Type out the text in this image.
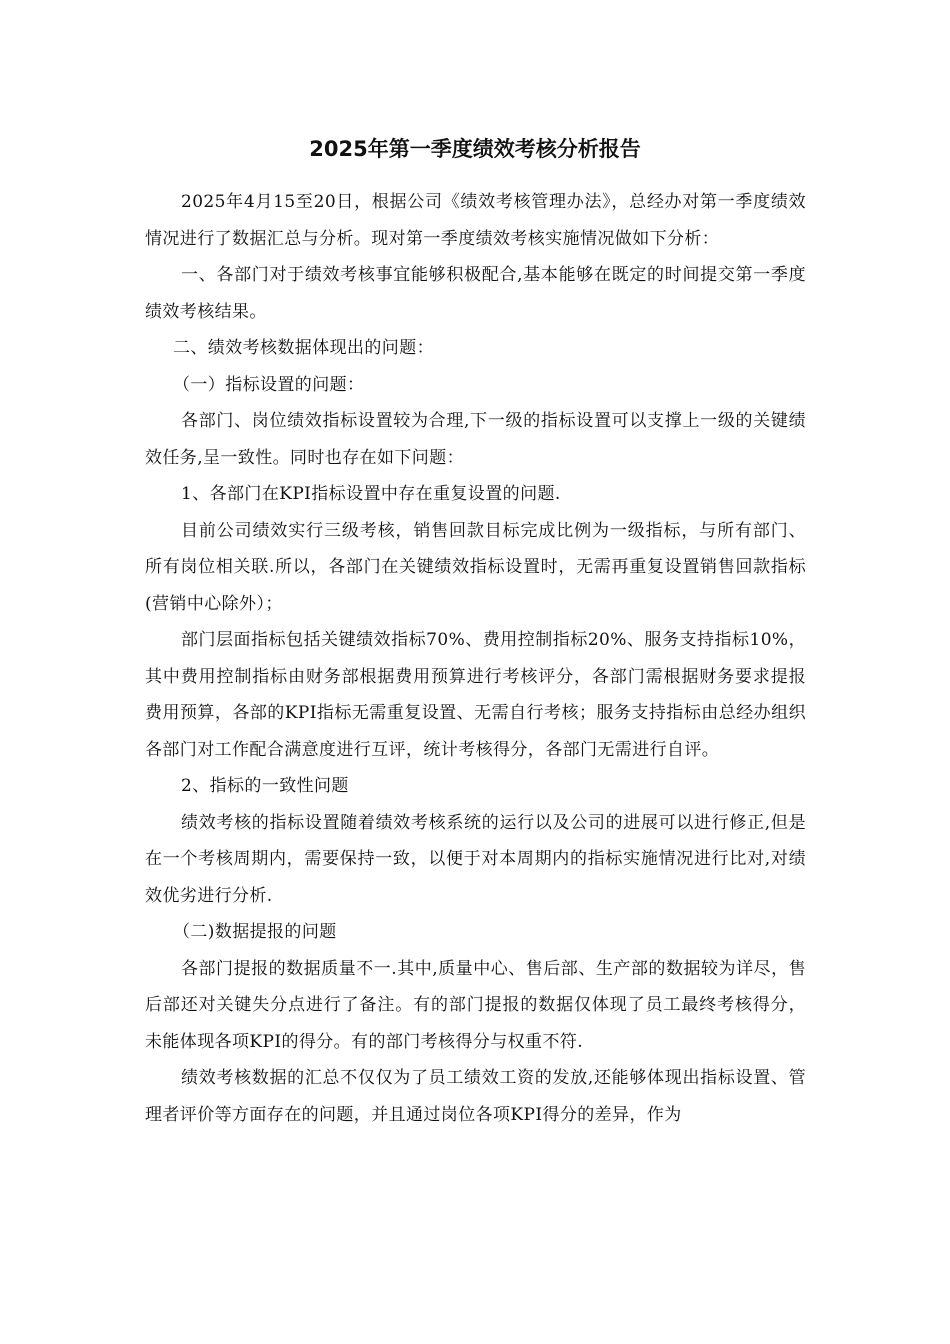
2025年第一季度绩效考核分析报告

2025年4月15至20日，根据公司《绩效考核管理办法》，总经办对第一季度绩效情况进行了数据汇总与分析。现对第一季度绩效考核实施情况做如下分析：

一、各部门对于绩效考核事宜能够积极配合,基本能够在既定的时间提交第一季度绩效考核结果。

二、绩效考核数据体现出的问题：

（一）指标设置的问题：

各部门、岗位绩效指标设置较为合理,下一级的指标设置可以支撑上一级的关键绩效任务,呈一致性。同时也存在如下问题：

1、各部门在KPI指标设置中存在重复设置的问题.

目前公司绩效实行三级考核，销售回款目标完成比例为一级指标，与所有部门、所有岗位相关联.所以，各部门在关键绩效指标设置时，无需再重复设置销售回款指标(营销中心除外）；

部门层面指标包括关键绩效指标70%、费用控制指标20%、服务支持指标10%，其中费用控制指标由财务部根据费用预算进行考核评分，各部门需根据财务要求提报费用预算，各部的KPI指标无需重复设置、无需自行考核；服务支持指标由总经办组织各部门对工作配合满意度进行互评，统计考核得分，各部门无需进行自评。

2、指标的一致性问题

绩效考核的指标设置随着绩效考核系统的运行以及公司的进展可以进行修正,但是在一个考核周期内，需要保持一致，以便于对本周期内的指标实施情况进行比对,对绩效优劣进行分析.

（二)数据提报的问题

各部门提报的数据质量不一.其中,质量中心、售后部、生产部的数据较为详尽，售后部还对关键失分点进行了备注。有的部门提报的数据仅体现了员工最终考核得分，未能体现各项KPI的得分。有的部门考核得分与权重不符.

绩效考核数据的汇总不仅仅为了员工绩效工资的发放,还能够体现出指标设置、管理者评价等方面存在的问题，并且通过岗位各项KPI得分的差异，作为
